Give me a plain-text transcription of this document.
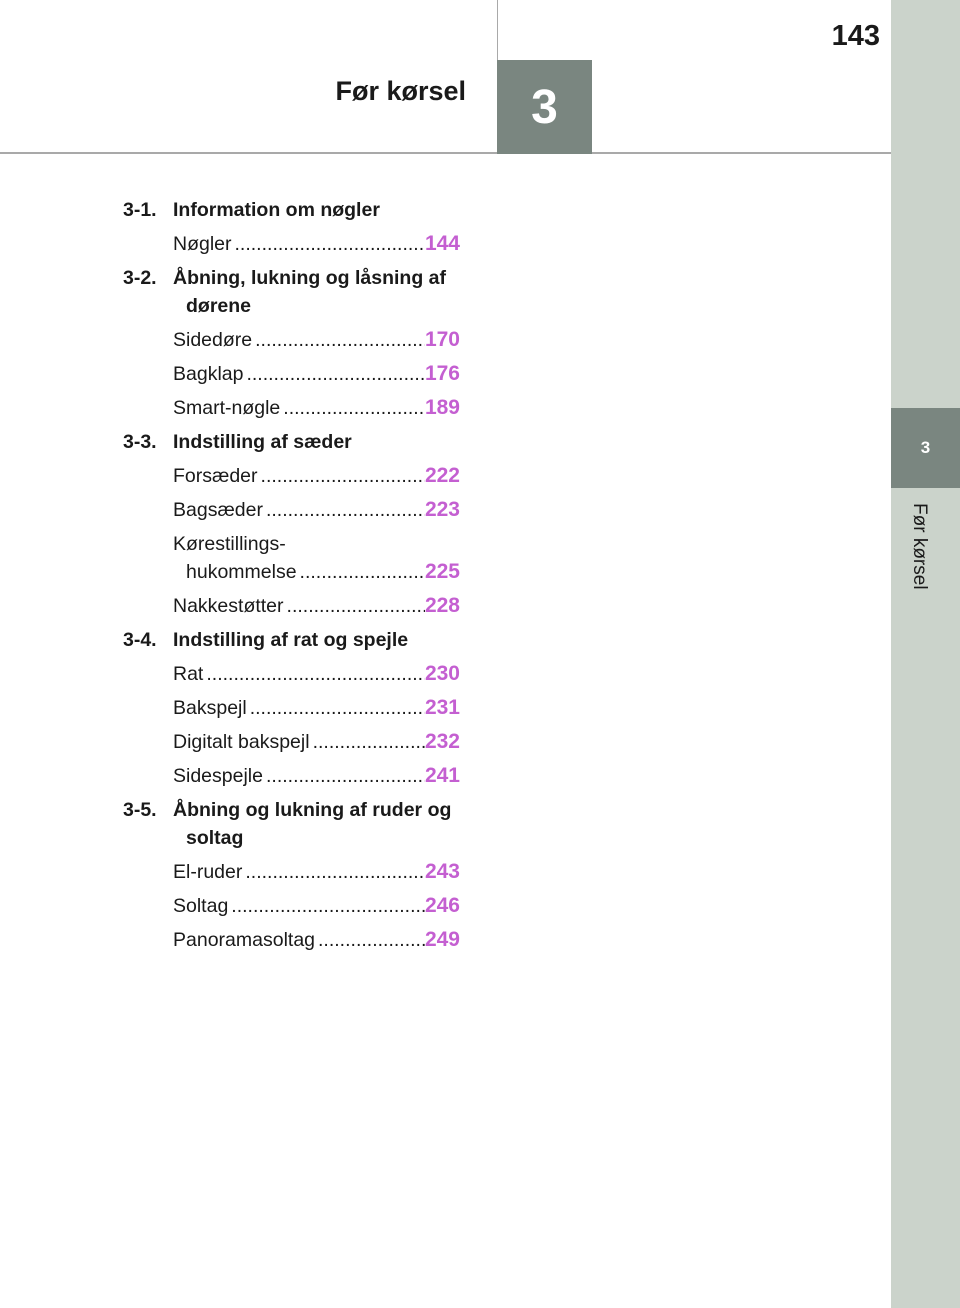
3
Før kørsel
143
3
Før kørsel
3-1. Information om nøgler
Nøgler .....	144
3-2. Åbning, lukning og låsning af dørene
Sidedøre .....	170
Bagklap .....	176
Smart-nøgle .....	189
3-3. Indstilling af sæder
Forsæder .....	222
Bagsæder .....	223
Kørestillings- hukommelse .....	225
Nakkestøtter .....	228
3-4. Indstilling af rat og spejle
Rat .....	230
Bakspejl .....	231
Digitalt bakspejl .....	232
Sidespejle .....	241
3-5. Åbning og lukning af ruder og soltag
El-ruder .....	243
Soltag .....	246
Panoramasoltag .....	249
